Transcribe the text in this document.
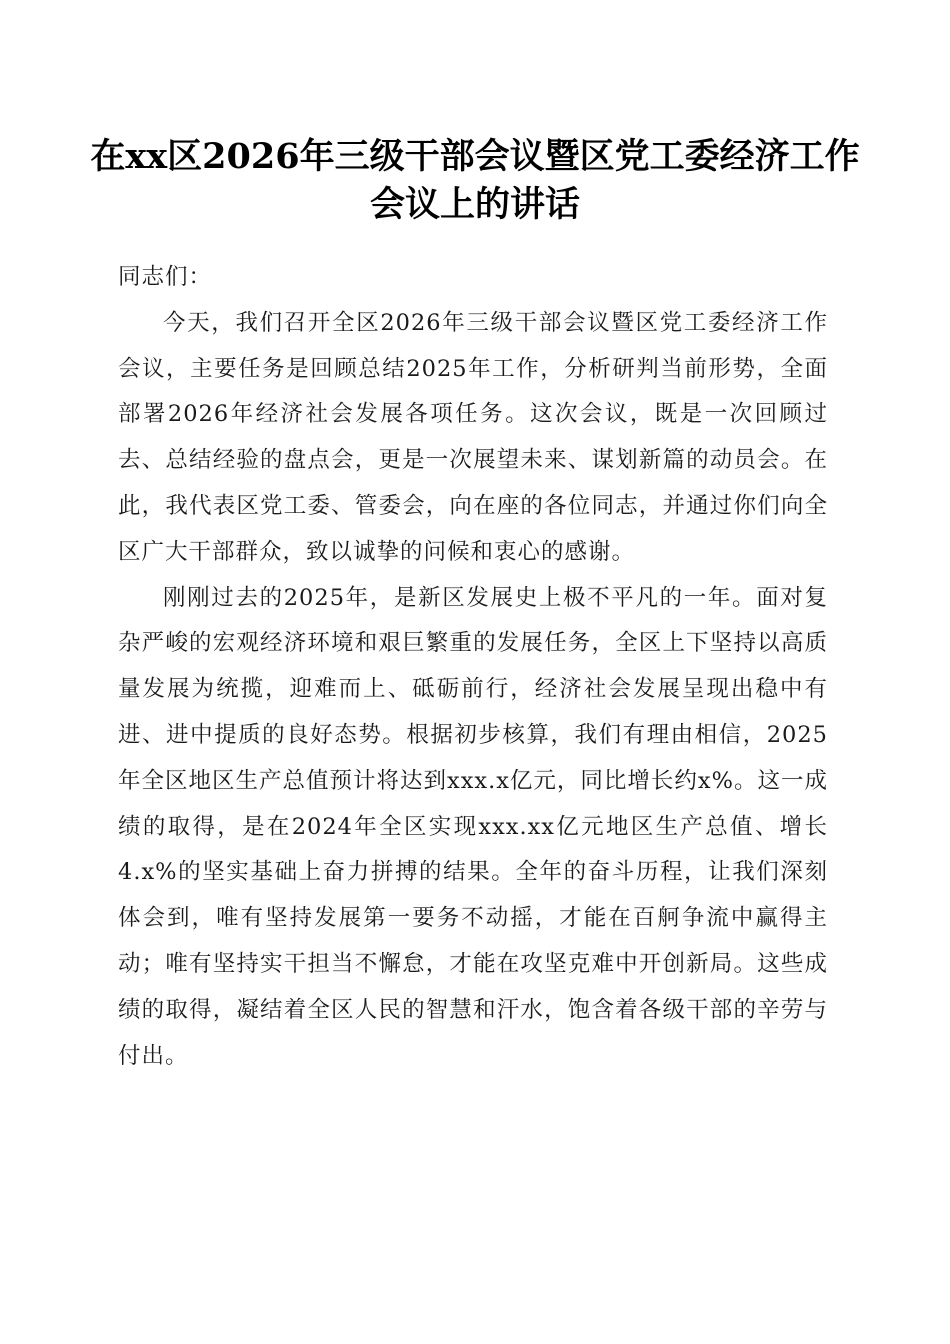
在xx区2026年三级干部会议暨区党工委经济工作会议上的讲话

同志们：

今天，我们召开全区2026年三级干部会议暨区党工委经济工作会议，主要任务是回顾总结2025年工作，分析研判当前形势，全面部署2026年经济社会发展各项任务。这次会议，既是一次回顾过去、总结经验的盘点会，更是一次展望未来、谋划新篇的动员会。在此，我代表区党工委、管委会，向在座的各位同志，并通过你们向全区广大干部群众，致以诚挚的问候和衷心的感谢。

刚刚过去的2025年，是新区发展史上极不平凡的一年。面对复杂严峻的宏观经济环境和艰巨繁重的发展任务，全区上下坚持以高质量发展为统揽，迎难而上、砥砺前行，经济社会发展呈现出稳中有进、进中提质的良好态势。根据初步核算，我们有理由相信，2025年全区地区生产总值预计将达到xxx.x亿元，同比增长约x%。这一成绩的取得，是在2024年全区实现xxx.xx亿元地区生产总值、增长4.x%的坚实基础上奋力拼搏的结果。全年的奋斗历程，让我们深刻体会到，唯有坚持发展第一要务不动摇，才能在百舸争流中赢得主动；唯有坚持实干担当不懈怠，才能在攻坚克难中开创新局。这些成绩的取得，凝结着全区人民的智慧和汗水，饱含着各级干部的辛劳与付出。
